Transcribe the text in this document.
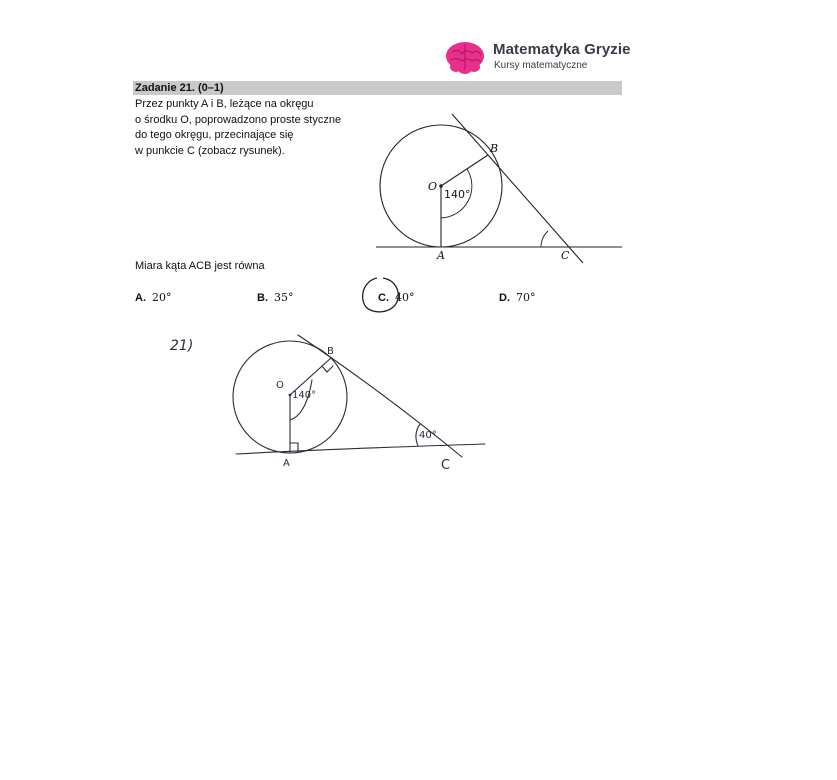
Matematyka Gryzie
Kursy matematyczne
Zadanie 21. (0–1)
Przez punkty A i B, leżące na okręgu
o środku O, poprowadzono proste styczne
do tego okręgu, przecinające się
w punkcie C (zobacz rysunek).
O
140°
B
A	C
Miara kąta ACB jest równa
A. 20°	B. 35°	C. 40°	D. 70°
21)
O
140°
B
A
40°
C
